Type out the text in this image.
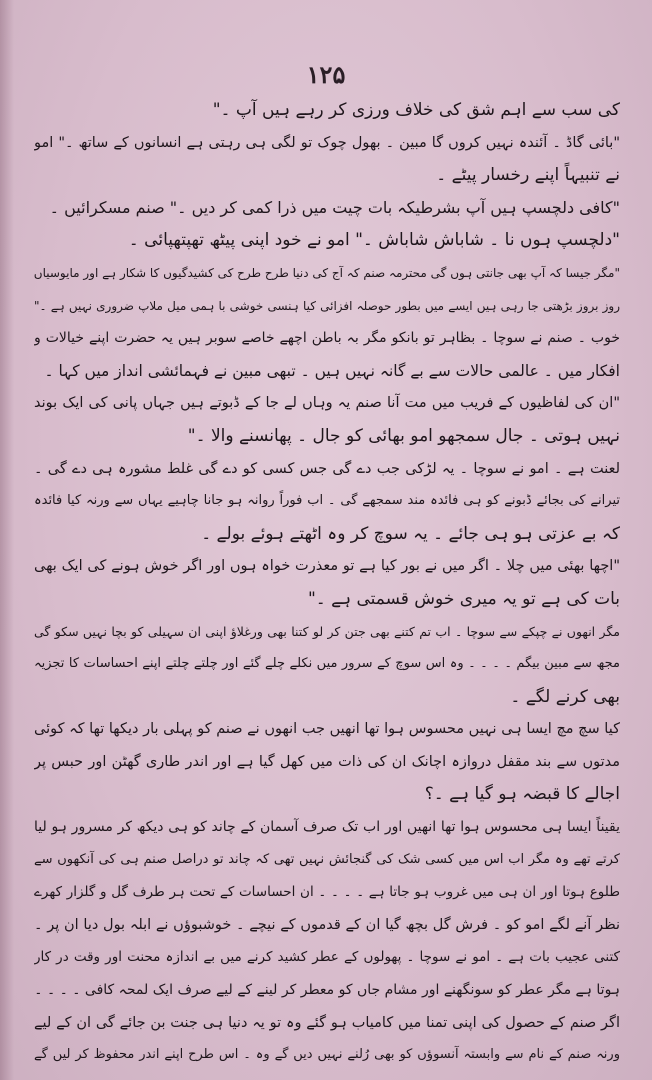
۱۲۵
کی سب سے اہم شق کی خلاف ورزی کر رہے ہیں آپ ۔"
"بائی گاڈ ۔ آئندہ نہیں کروں گا مبین ۔ بھول چوک تو لگی ہی رہتی ہے انسانوں کے ساتھ ۔" امو
نے تنبیہاً اپنے رخسار پیٹے ۔
"کافی دلچسپ ہیں آپ بشرطیکہ بات چیت میں ذرا کمی کر دیں ۔" صنم مسکرائیں ۔
"دلچسپ ہوں نا ۔ شاباش شاباش ۔" امو نے خود اپنی پیٹھ تھپتھپائی ۔
"مگر جیسا کہ آپ بھی جانتی ہوں گی محترمہ صنم کہ آج کی دنیا طرح طرح کی کشیدگیوں کا شکار ہے اور مایوسیاں
روز بروز بڑھتی جا رہی ہیں ایسے میں بطور حوصلہ افزائی کیا ہنسی خوشی با ہمی میل ملاپ ضروری نہیں ہے ۔"
خوب ۔ صنم نے سوچا ۔ بظاہر تو بانکو مگر بہ باطن اچھے خاصے سوبر ہیں یہ حضرت اپنے خیالات و
افکار میں ۔ عالمی حالات سے بے گانہ نہیں ہیں ۔ تبھی مبین نے فہمائشی انداز میں کہا ۔
"ان کی لفاظیوں کے فریب میں مت آنا صنم یہ وہاں لے جا کے ڈبوتے ہیں جہاں پانی کی ایک بوند
نہیں ہوتی ۔ جال سمجھو امو بھائی کو جال ۔ پھانسنے والا ۔"
لعنت ہے ۔ امو نے سوچا ۔ یہ لڑکی جب دے گی جس کسی کو دے گی غلط مشورہ ہی دے گی ۔
تیرانے کی بجائے ڈبونے کو ہی فائدہ مند سمجھے گی ۔ اب فوراً روانہ ہو جانا چاہیے یہاں سے ورنہ کیا فائدہ
کہ بے عزتی ہو ہی جائے ۔ یہ سوچ کر وہ اٹھتے ہوئے بولے ۔
"اچھا بھئی میں چلا ۔ اگر میں نے بور کیا ہے تو معذرت خواہ ہوں اور اگر خوش ہونے کی ایک بھی
بات کی ہے تو یہ میری خوش قسمتی ہے ۔"
مگر انھوں نے چپکے سے سوچا ۔ اب تم کتنے بھی جتن کر لو کتنا بھی ورغلاؤ اپنی ان سہیلی کو بچا نہیں سکو گی
مجھ سے مبین بیگم ۔ ۔ ۔ ۔ وہ اس سوچ کے سرور میں نکلے چلے گئے اور چلتے چلتے اپنے احساسات کا تجزیہ
بھی کرنے لگے ۔
کیا سچ مچ ایسا ہی نہیں محسوس ہوا تھا انھیں جب انھوں نے صنم کو پہلی بار دیکھا تھا کہ کوئی
مدتوں سے بند مقفل دروازہ اچانک ان کی ذات میں کھل گیا ہے اور اندر طاری گھٹن اور حبس پر
اجالے کا قبضہ ہو گیا ہے ۔؟
یقیناً ایسا ہی محسوس ہوا تھا انھیں اور اب تک صرف آسمان کے چاند کو ہی دیکھ کر مسرور ہو لیا
کرتے تھے وہ مگر اب اس میں کسی شک کی گنجائش نہیں تھی کہ چاند تو دراصل صنم ہی کی آنکھوں سے
طلوع ہوتا اور ان ہی میں غروب ہو جاتا ہے ۔ ۔ ۔ ۔ ان احساسات کے تحت ہر طرف گل و گلزار کھرے
نظر آنے لگے امو کو ۔ فرش گل بچھ گیا ان کے قدموں کے نیچے ۔ خوشبوؤں نے ابلہ بول دیا ان پر ۔
کتنی عجیب بات ہے ۔ امو نے سوچا ۔ پھولوں کے عطر کشید کرنے میں بے اندازہ محنت اور وقت در کار
ہوتا ہے مگر عطر کو سونگھنے اور مشام جاں کو معطر کر لینے کے لیے صرف ایک لمحہ کافی ۔ ۔ ۔ ۔
اگر صنم کے حصول کی اپنی تمنا میں کامیاب ہو گئے وہ تو یہ دنیا ہی جنت بن جائے گی ان کے لیے
ورنہ صنم کے نام سے وابستہ آنسوؤں کو بھی رُلنے نہیں دیں گے وہ ۔ اس طرح اپنے اندر محفوظ کر لیں گے
